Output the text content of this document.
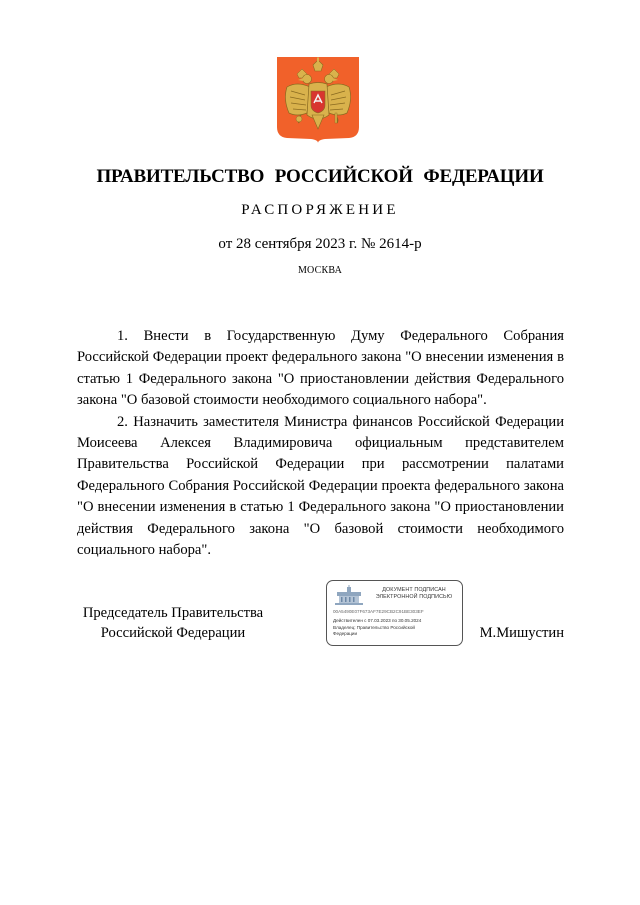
ПРАВИТЕЛЬСТВО РОССИЙСКОЙ ФЕДЕРАЦИИ
РАСПОРЯЖЕНИЕ
от 28 сентября 2023 г. № 2614-р
МОСКВА

1. Внести в Государственную Думу Федерального Собрания Российской Федерации проект федерального закона "О внесении изменения в статью 1 Федерального закона "О приостановлении действия Федерального закона "О базовой стоимости необходимого социального набора".

2. Назначить заместителя Министра финансов Российской Федерации Моисеева Алексея Владимировича официальным представителем Правительства Российской Федерации при рассмотрении палатами Федерального Собрания Российской Федерации проекта федерального закона "О внесении изменения в статью 1 Федерального закона "О приостановлении действия Федерального закона "О базовой стоимости необходимого социального набора".

Председатель Правительства
Российской Федерации
ДОКУМЕНТ ПОДПИСАН
ЭЛЕКТРОННОЙ ПОДПИСЬЮ
00A5490E07F673AF7E29CB2C91BE303EF
Действителен с 07.03.2023 по 30.05.2024
Владелец: Правительство Российской
Федерации	М.Мишустин
